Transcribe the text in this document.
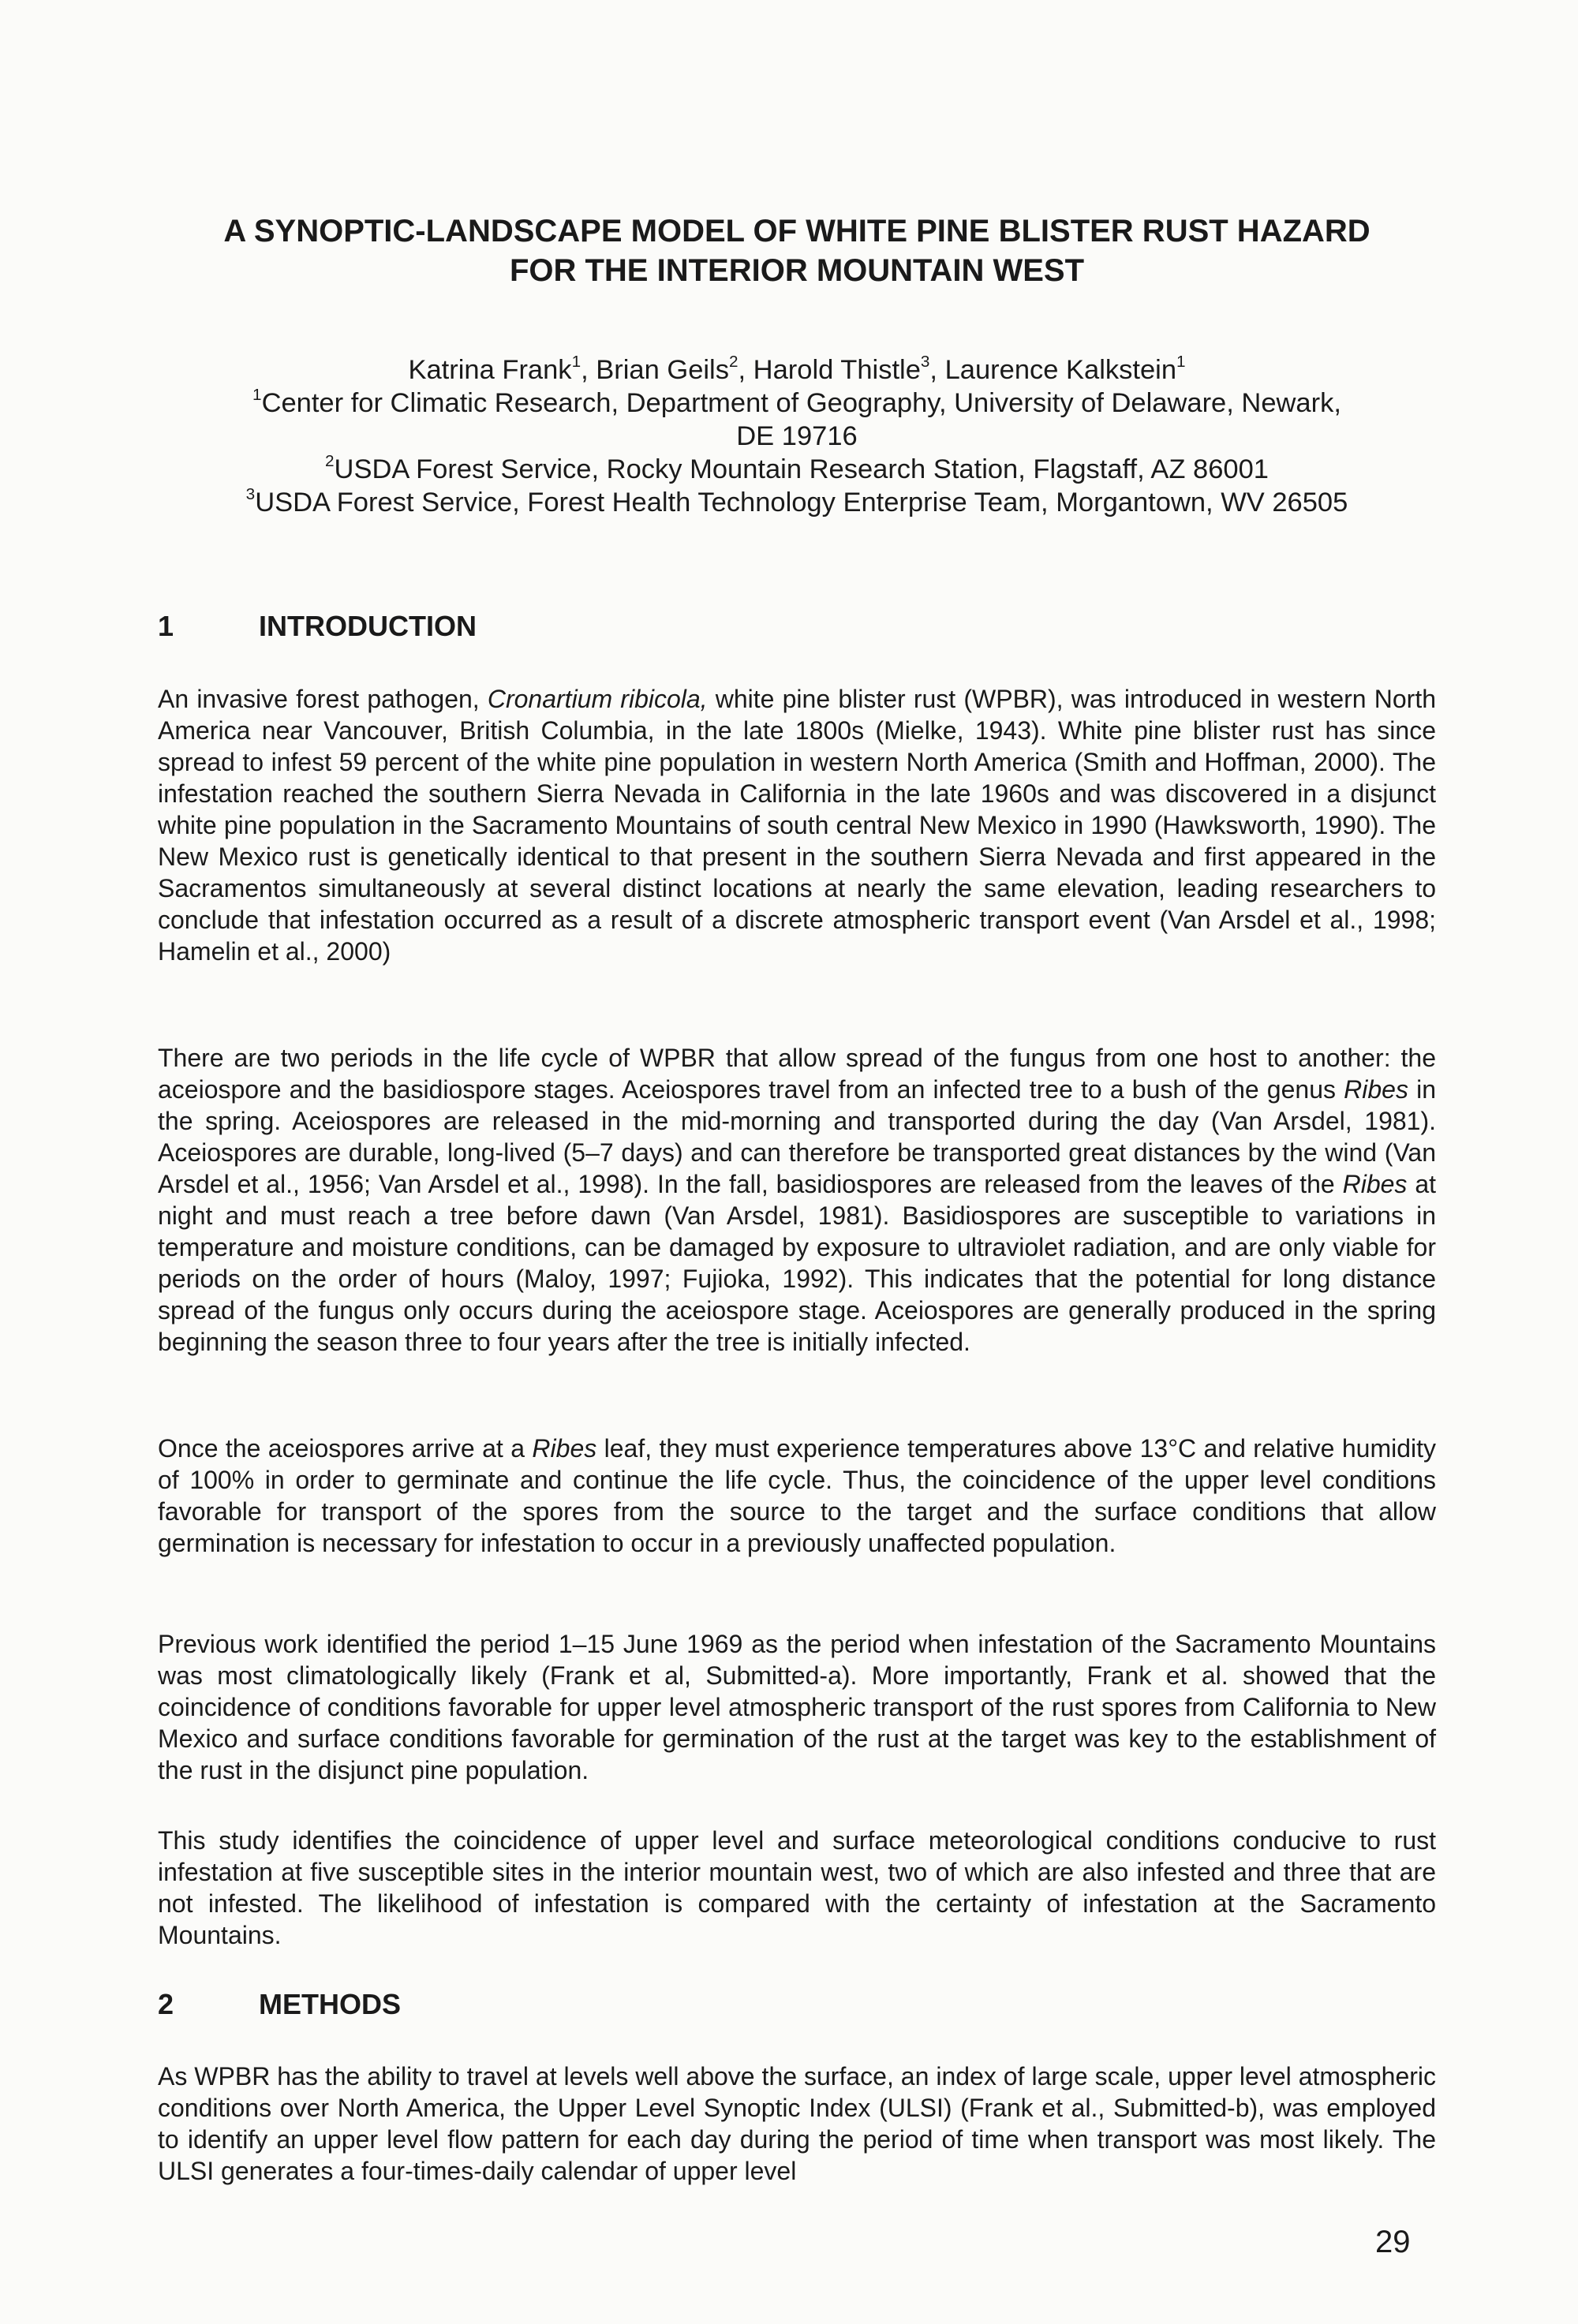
A SYNOPTIC-LANDSCAPE MODEL OF WHITE PINE BLISTER RUST HAZARD
FOR THE INTERIOR MOUNTAIN WEST
Katrina Frank$^1$, Brian Geils$^2$, Harold Thistle$^3$, Laurence Kalkstein$^1$
$^1$Center for Climatic Research, Department of Geography, University of Delaware, Newark,
DE 19716
$^2$USDA Forest Service, Rocky Mountain Research Station, Flagstaff, AZ 86001
$^3$USDA Forest Service, Forest Health Technology Enterprise Team, Morgantown, WV 26505
1	INTRODUCTION

An invasive forest pathogen, Cronartium ribicola, white pine blister rust (WPBR), was introduced in western North America near Vancouver, British Columbia, in the late 1800s (Mielke, 1943). White pine blister rust has since spread to infest 59 percent of the white pine population in western North America (Smith and Hoffman, 2000). The infestation reached the southern Sierra Nevada in California in the late 1960s and was discovered in a disjunct white pine population in the Sacramento Mountains of south central New Mexico in 1990 (Hawksworth, 1990). The New Mexico rust is genetically identical to that present in the southern Sierra Nevada and first appeared in the Sacramentos simultaneously at several distinct locations at nearly the same elevation, leading researchers to conclude that infestation occurred as a result of a discrete atmospheric transport event (Van Arsdel et al., 1998; Hamelin et al., 2000)

There are two periods in the life cycle of WPBR that allow spread of the fungus from one host to another: the aceiospore and the basidiospore stages. Aceiospores travel from an infected tree to a bush of the genus Ribes in the spring. Aceiospores are released in the mid-morning and transported during the day (Van Arsdel, 1981). Aceiospores are durable, long-lived (5–7 days) and can therefore be transported great distances by the wind (Van Arsdel et al., 1956; Van Arsdel et al., 1998). In the fall, basidiospores are released from the leaves of the Ribes at night and must reach a tree before dawn (Van Arsdel, 1981). Basidiospores are susceptible to variations in temperature and moisture conditions, can be damaged by exposure to ultraviolet radiation, and are only viable for periods on the order of hours (Maloy, 1997; Fujioka, 1992). This indicates that the potential for long distance spread of the fungus only occurs during the aceiospore stage. Aceiospores are generally produced in the spring beginning the season three to four years after the tree is initially infected.

Once the aceiospores arrive at a Ribes leaf, they must experience temperatures above 13°C and relative humidity of 100% in order to germinate and continue the life cycle. Thus, the coincidence of the upper level conditions favorable for transport of the spores from the source to the target and the surface conditions that allow germination is necessary for infestation to occur in a previously unaffected population.

Previous work identified the period 1–15 June 1969 as the period when infestation of the Sacramento Mountains was most climatologically likely (Frank et al, Submitted-a). More importantly, Frank et al. showed that the coincidence of conditions favorable for upper level atmospheric transport of the rust spores from California to New Mexico and surface conditions favorable for germination of the rust at the target was key to the establishment of the rust in the disjunct pine population.

This study identifies the coincidence of upper level and surface meteorological conditions conducive to rust infestation at five susceptible sites in the interior mountain west, two of which are also infested and three that are not infested. The likelihood of infestation is compared with the certainty of infestation at the Sacramento Mountains.

2	METHODS

As WPBR has the ability to travel at levels well above the surface, an index of large scale, upper level atmospheric conditions over North America, the Upper Level Synoptic Index (ULSI) (Frank et al., Submitted-b), was employed to identify an upper level flow pattern for each day during the period of time when transport was most likely. The ULSI generates a four-times-daily calendar of upper level

29
